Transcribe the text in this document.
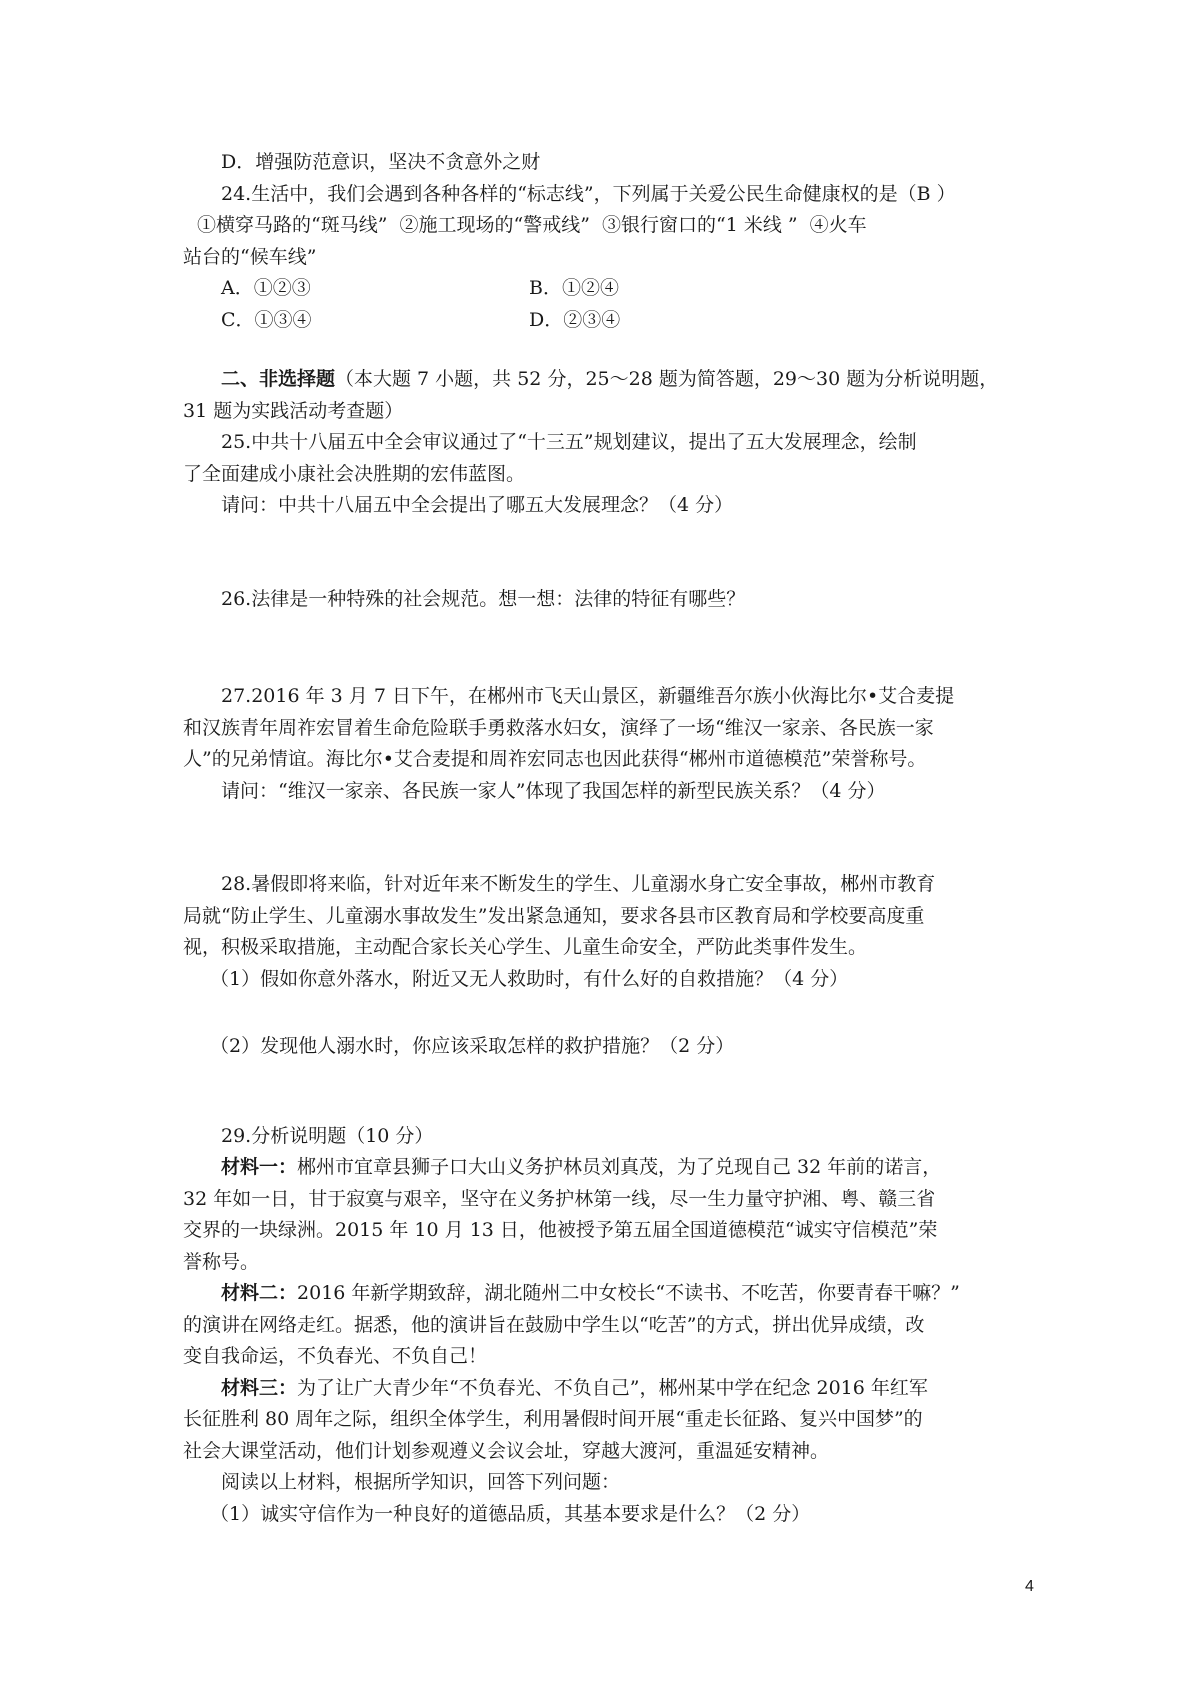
D．增强防范意识，坚决不贪意外之财

24.生活中，我们会遇到各种各样的“标志线”，下列属于关爱公民生命健康权的是（B ）

①横穿马路的“斑马线”  ②施工现场的“警戒线”  ③银行窗口的“1 米线 ”  ④火车

站台的“候车线”

A．①②③	B．①②④
C．①③④	D．②③④

二、非选择题（本大题 7 小题，共 52 分，25～28 题为简答题，29～30 题为分析说明题，

31 题为实践活动考查题）

25.中共十八届五中全会审议通过了“十三五”规划建议，提出了五大发展理念，绘制

了全面建成小康社会决胜期的宏伟蓝图。

请问：中共十八届五中全会提出了哪五大发展理念？（4 分）

26.法律是一种特殊的社会规范。想一想：法律的特征有哪些？

27.2016 年 3 月 7 日下午，在郴州市飞天山景区，新疆维吾尔族小伙海比尔•艾合麦提

和汉族青年周祚宏冒着生命危险联手勇救落水妇女，演绎了一场“维汉一家亲、各民族一家

人”的兄弟情谊。海比尔•艾合麦提和周祚宏同志也因此获得“郴州市道德模范”荣誉称号。

请问：“维汉一家亲、各民族一家人”体现了我国怎样的新型民族关系？（4 分）

28.暑假即将来临，针对近年来不断发生的学生、儿童溺水身亡安全事故，郴州市教育

局就“防止学生、儿童溺水事故发生”发出紧急通知，要求各县市区教育局和学校要高度重

视，积极采取措施，主动配合家长关心学生、儿童生命安全，严防此类事件发生。

（1）假如你意外落水，附近又无人救助时，有什么好的自救措施？（4 分）

（2）发现他人溺水时，你应该采取怎样的救护措施？（2 分）

29.分析说明题（10 分）

材料一：郴州市宜章县狮子口大山义务护林员刘真茂，为了兑现自己 32 年前的诺言，

32 年如一日，甘于寂寞与艰辛，坚守在义务护林第一线，尽一生力量守护湘、粤、赣三省

交界的一块绿洲。2015 年 10 月 13 日，他被授予第五届全国道德模范“诚实守信模范”荣

誉称号。

材料二：2016 年新学期致辞，湖北随州二中女校长“不读书、不吃苦，你要青春干嘛？”

的演讲在网络走红。据悉，他的演讲旨在鼓励中学生以“吃苦”的方式，拼出优异成绩，改

变自我命运，不负春光、不负自己！

材料三：为了让广大青少年“不负春光、不负自己”，郴州某中学在纪念 2016 年红军

长征胜利 80 周年之际，组织全体学生，利用暑假时间开展“重走长征路、复兴中国梦”的

社会大课堂活动，他们计划参观遵义会议会址，穿越大渡河，重温延安精神。

阅读以上材料，根据所学知识，回答下列问题：

（1）诚实守信作为一种良好的道德品质，其基本要求是什么？（2 分）

4
